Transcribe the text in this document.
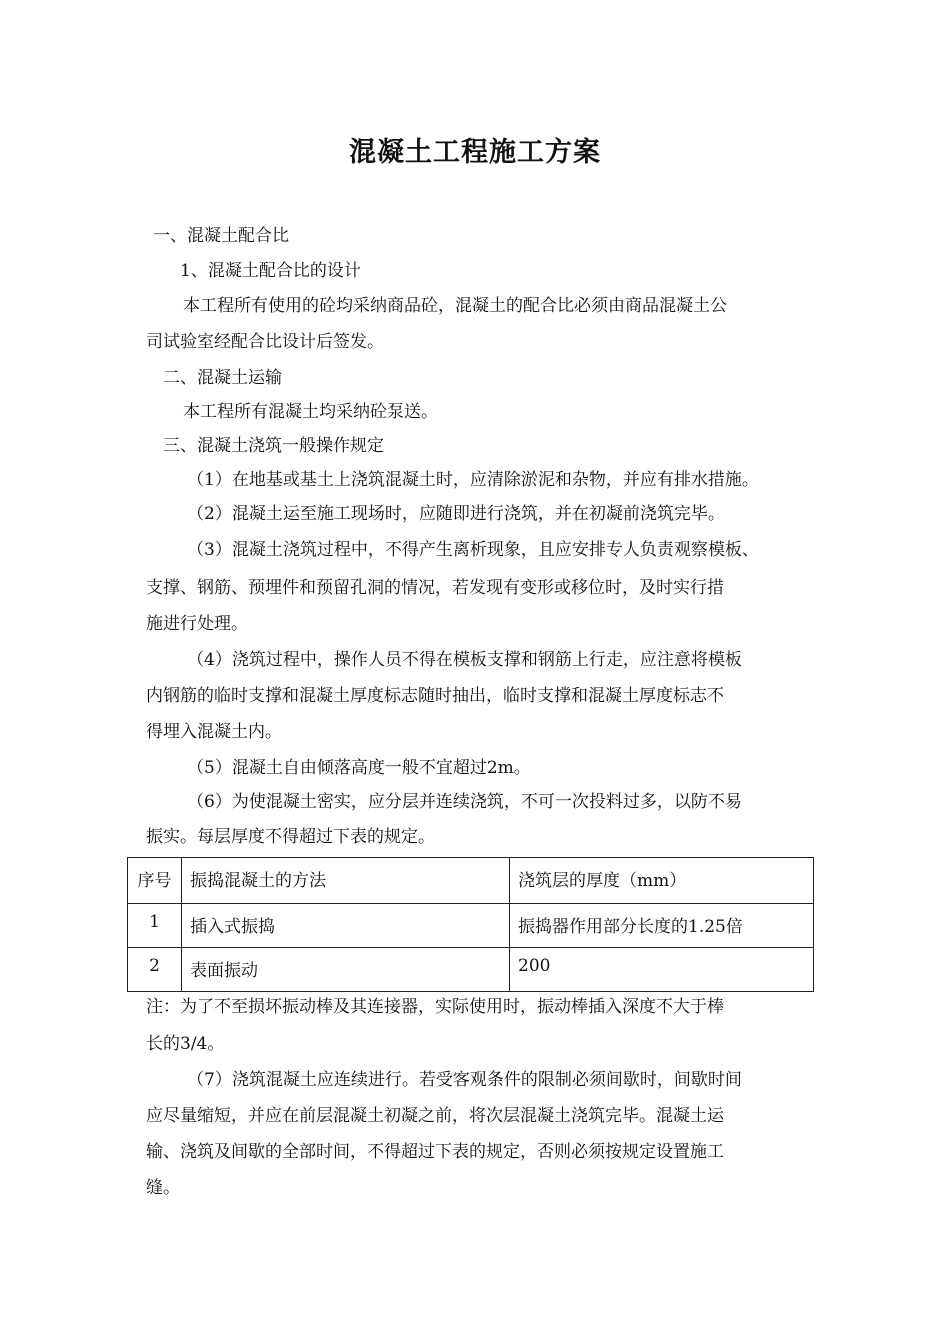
混凝土工程施工方案
一、混凝土配合比
1、混凝土配合比的设计
本工程所有使用的砼均采纳商品砼，混凝土的配合比必须由商品混凝土公
司试验室经配合比设计后签发。
二、混凝土运输
本工程所有混凝土均采纳砼泵送。
三、混凝土浇筑一般操作规定
（1）在地基或基土上浇筑混凝土时，应清除淤泥和杂物，并应有排水措施。
（2）混凝土运至施工现场时，应随即进行浇筑，并在初凝前浇筑完毕。
（3）混凝土浇筑过程中，不得产生离析现象，且应安排专人负责观察模板、
支撑、钢筋、预埋件和预留孔洞的情况，若发现有变形或移位时，及时实行措
施进行处理。
（4）浇筑过程中，操作人员不得在模板支撑和钢筋上行走，应注意将模板
内钢筋的临时支撑和混凝土厚度标志随时抽出，临时支撑和混凝土厚度标志不
得埋入混凝土内。
（5）混凝土自由倾落高度一般不宜超过2m。
（6）为使混凝土密实，应分层并连续浇筑，不可一次投料过多，以防不易
振实。每层厚度不得超过下表的规定。
序号	振捣混凝土的方法	浇筑层的厚度（mm）
1	插入式振捣	振捣器作用部分长度的1.25倍
2	表面振动	200
注：为了不至损坏振动棒及其连接器，实际使用时，振动棒插入深度不大于棒
长的3/4。
（7）浇筑混凝土应连续进行。若受客观条件的限制必须间歇时，间歇时间
应尽量缩短，并应在前层混凝土初凝之前，将次层混凝土浇筑完毕。混凝土运
输、浇筑及间歇的全部时间，不得超过下表的规定，否则必须按规定设置施工
缝。
